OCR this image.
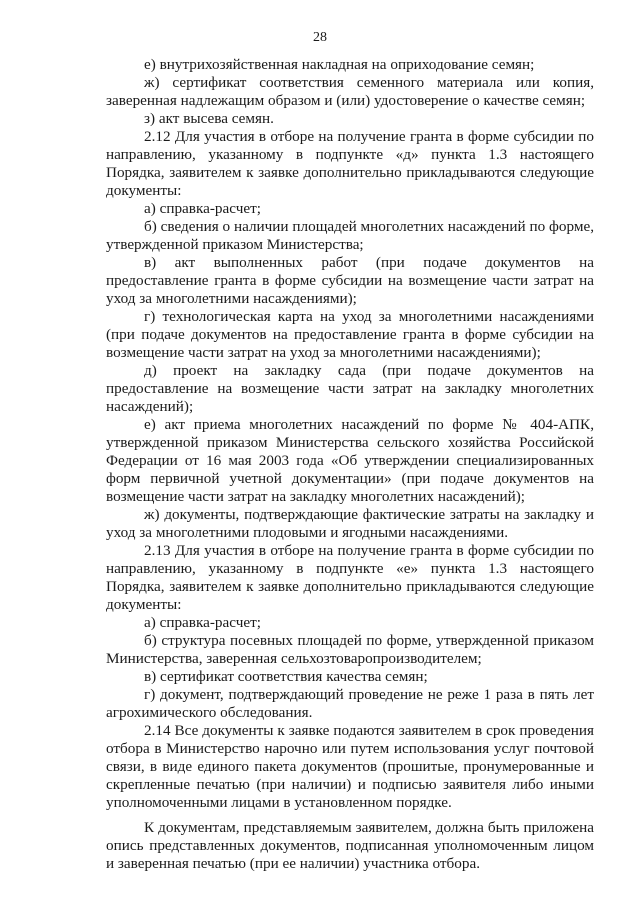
28

е) внутрихозяйственная накладная на оприходование семян;

ж) сертификат соответствия семенного материала или копия, заверенная надлежащим образом и (или) удостоверение о качестве семян;

з) акт высева семян.

2.12 Для участия в отборе на получение гранта в форме субсидии по направлению, указанному в подпункте «д» пункта 1.3 настоящего Порядка, заявителем к заявке дополнительно прикладываются следующие документы:

а) справка-расчет;

б) сведения о наличии площадей многолетних насаждений по форме, утвержденной приказом Министерства;

в) акт выполненных работ (при подаче документов на предоставление гранта в форме субсидии на возмещение части затрат на уход за многолетними насаждениями);

г) технологическая карта на уход за многолетними насаждениями (при подаче документов на предоставление гранта в форме субсидии на возмещение части затрат на уход за многолетними насаждениями);

д) проект на закладку сада (при подаче документов на предоставление на возмещение части затрат на закладку многолетних насаждений);

е) акт приема многолетних насаждений по форме № 404-АПК, утвержденной приказом Министерства сельского хозяйства Российской Федерации от 16 мая 2003 года «Об утверждении специализированных форм первичной учетной документации» (при подаче документов на возмещение части затрат на закладку многолетних насаждений);

ж) документы, подтверждающие фактические затраты на закладку и уход за многолетними плодовыми и ягодными насаждениями.

2.13 Для участия в отборе на получение гранта в форме субсидии по направлению, указанному в подпункте «е» пункта 1.3 настоящего Порядка, заявителем к заявке дополнительно прикладываются следующие документы:

а) справка-расчет;

б) структура посевных площадей по форме, утвержденной приказом Министерства, заверенная сельхозтоваропроизводителем;

в) сертификат соответствия качества семян;

г) документ, подтверждающий проведение не реже 1 раза в пять лет агрохимического обследования.

2.14 Все документы к заявке подаются заявителем в срок проведения отбора в Министерство нарочно или путем использования услуг почтовой связи, в виде единого пакета документов (прошитые, пронумерованные и скрепленные печатью (при наличии) и подписью заявителя либо иными уполномоченными лицами в установленном порядке.

К документам, представляемым заявителем, должна быть приложена опись представленных документов, подписанная уполномоченным лицом и заверенная печатью (при ее наличии) участника отбора.
